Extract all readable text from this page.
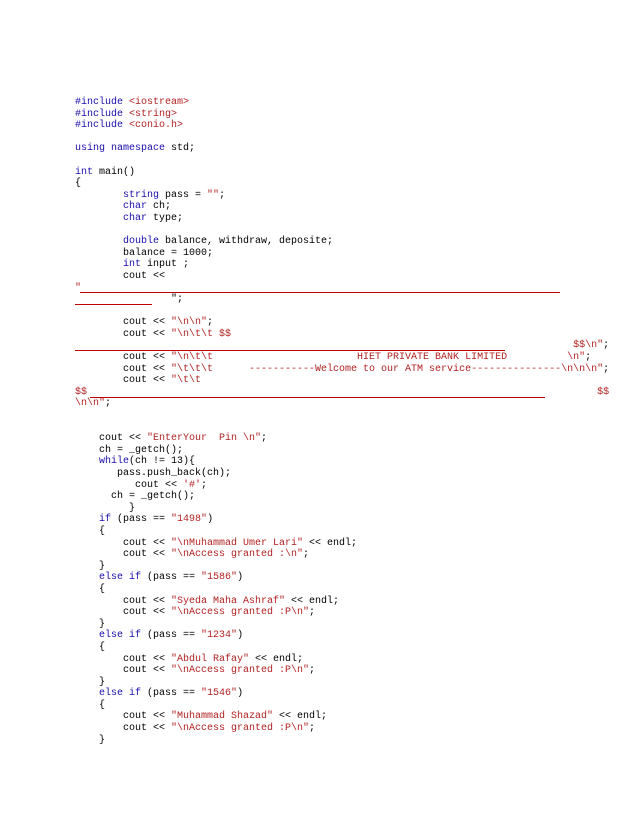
#include <iostream>
#include <string>
#include <conio.h>
using namespace std;
int main()
{
string pass = "";
char ch;
char type;
double balance, withdraw, deposite;
balance = 1000;
int input ;
cout <<
"
";
cout << "\n\n";
cout << "\n\t\t $$
$$\n";
cout << "\n\t\t                        HIET PRIVATE BANK LIMITED          \n";
cout << "\t\t\t      -----------Welcome to our ATM service---------------\n\n\n";
cout << "\t\t
$$                                                                                     $$
\n\n";
cout << "EnterYour  Pin \n";
ch = _getch();
while(ch != 13){
pass.push_back(ch);
cout << '#';
ch = _getch();
}
if (pass == "1498")
{
cout << "\nMuhammad Umer Lari" << endl;
cout << "\nAccess granted :\n";
}
else if (pass == "1586")
{
cout << "Syeda Maha Ashraf" << endl;
cout << "\nAccess granted :P\n";
}
else if (pass == "1234")
{
cout << "Abdul Rafay" << endl;
cout << "\nAccess granted :P\n";
}
else if (pass == "1546")
{
cout << "Muhammad Shazad" << endl;
cout << "\nAccess granted :P\n";
}
